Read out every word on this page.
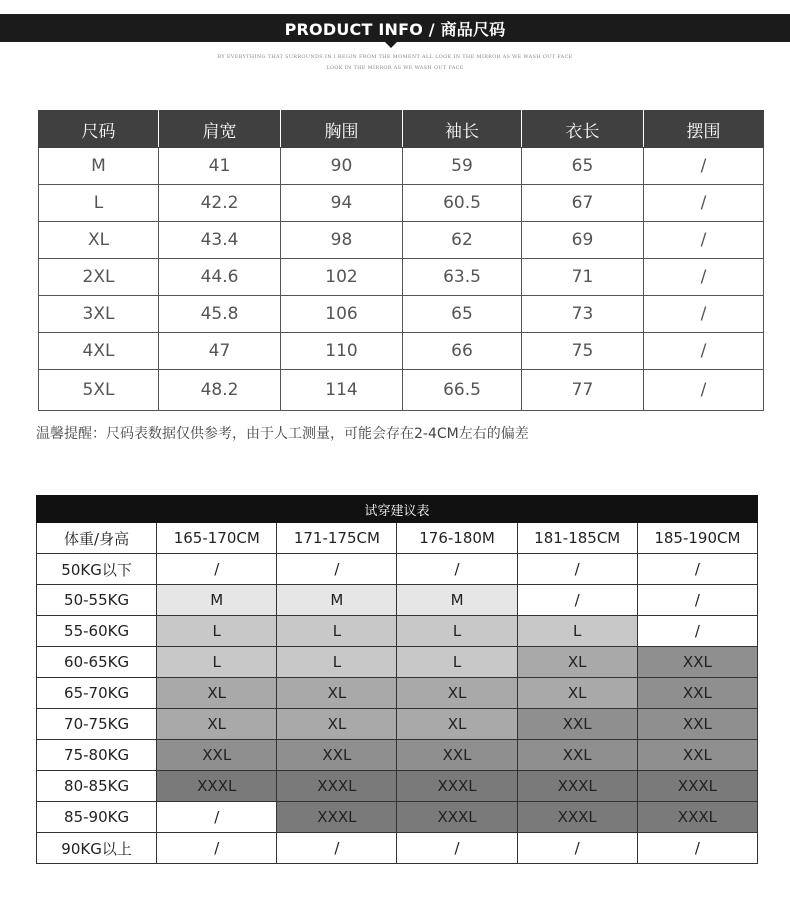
PRODUCT INFO / 商品尺码
BY EVERYTHING THAT SURROUNDS IN I BEGIN FROM THE MOMENT ALL LOOK IN THE MIRROR AS WE WASH OUT FACE
LOOK IN THE MIRROR AS WE WASH OUT FACE
尺码	肩宽	胸围	袖长	衣长	摆围
M	41	90	59	65	/
L	42.2	94	60.5	67	/
XL	43.4	98	62	69	/
2XL	44.6	102	63.5	71	/
3XL	45.8	106	65	73	/
4XL	47	110	66	75	/
5XL	48.2	114	66.5	77	/
温馨提醒：尺码表数据仅供参考，由于人工测量，可能会存在2-4CM左右的偏差
试穿建议表					
体重/身高	165-170CM	171-175CM	176-180M	181-185CM	185-190CM
50KG以下	/	/	/	/	/
50-55KG	M	M	M	/	/
55-60KG	L	L	L	L	/
60-65KG	L	L	L	XL	XXL
65-70KG	XL	XL	XL	XL	XXL
70-75KG	XL	XL	XL	XXL	XXL
75-80KG	XXL	XXL	XXL	XXL	XXL
80-85KG	XXXL	XXXL	XXXL	XXXL	XXXL
85-90KG	/	XXXL	XXXL	XXXL	XXXL
90KG以上	/	/	/	/	/
